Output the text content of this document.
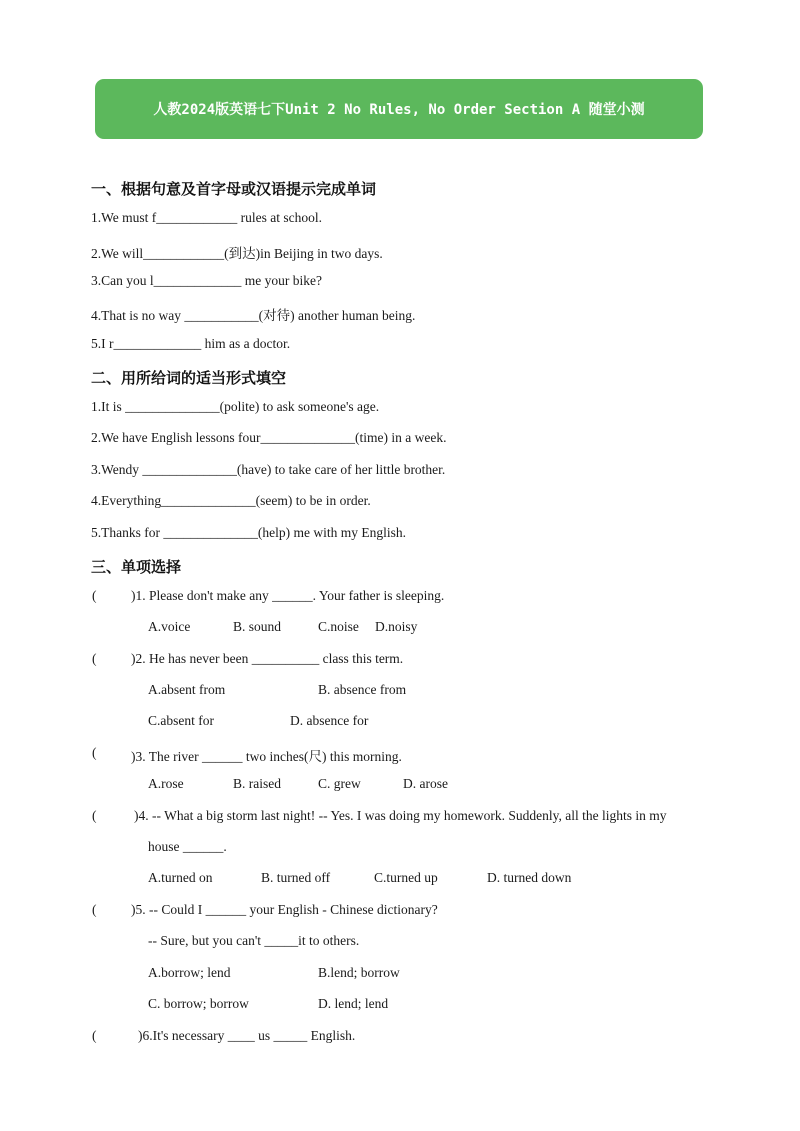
人教2024版英语七下Unit 2 No Rules, No Order Section A 随堂小测
一、根据句意及首字母或汉语提示完成单词
1.We must f____________ rules at school.
2.We will____________(到达)in Beijing in two days.
3.Can you l_____________ me your bike?
4.That is no way ___________(对待) another human being.
5.I r_____________ him as a doctor.
二、用所给词的适当形式填空
1.It is ______________(polite) to ask someone's age.
2.We have English lessons four______________(time) in a week.
3.Wendy ______________(have) to take care of her little brother.
4.Everything______________(seem) to be in order.
5.Thanks for ______________(help) me with my English.
三、单项选择
(	)1. Please don't make any ______. Your father is sleeping.
A.voice	B. sound	C.noise D.noisy
(	)2. He has never been __________ class this term.
A.absent from	B. absence from
C.absent for	D. absence for
(	)3. The river ______ two inches(尺) this morning.
A.rose	B. raised	C. grew	D. arose
(	)4. -- What a big storm last night! -- Yes. I was doing my homework. Suddenly, all the lights in my
house ______.
A.turned on	B. turned off	C.turned up	D. turned down
(	)5. -- Could I ______ your English - Chinese dictionary?
-- Sure, but you can't _____it to others.
A.borrow; lend	B.lend; borrow
C. borrow; borrow	D. lend; lend
(	)6.It's necessary ____ us _____ English.
